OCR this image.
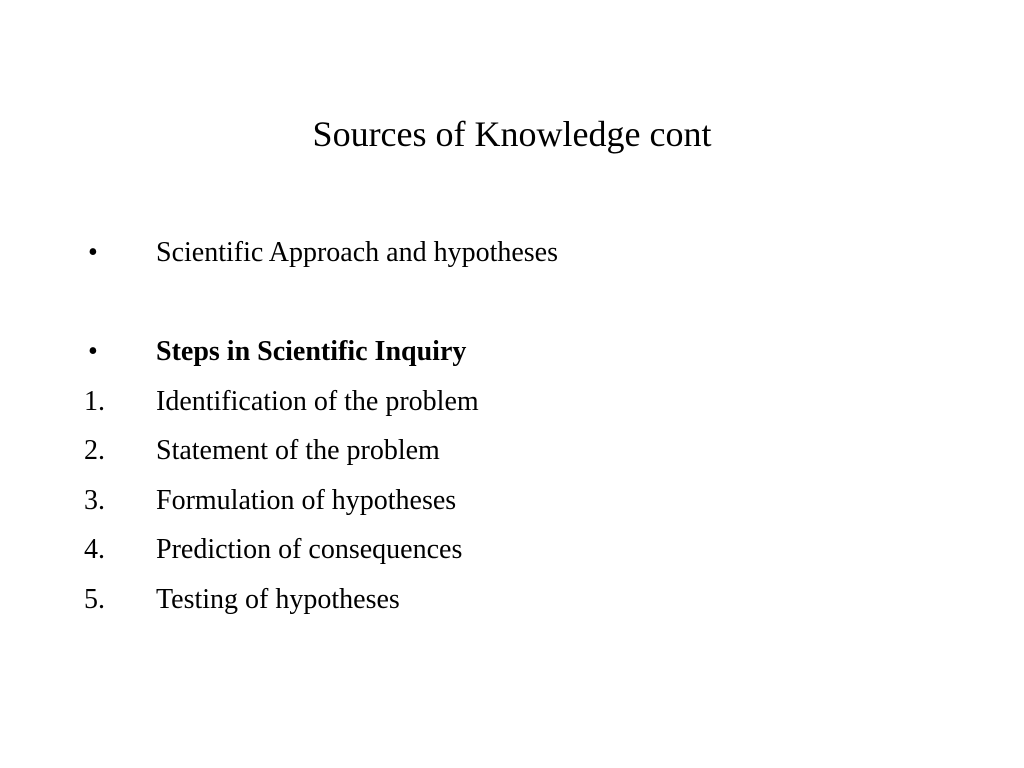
Sources of Knowledge cont
•	Scientific Approach and hypotheses
•	Steps in Scientific Inquiry
1.	Identification of the problem
2.	Statement of the problem
3.	Formulation of hypotheses
4.	Prediction of consequences
5.	Testing of hypotheses
